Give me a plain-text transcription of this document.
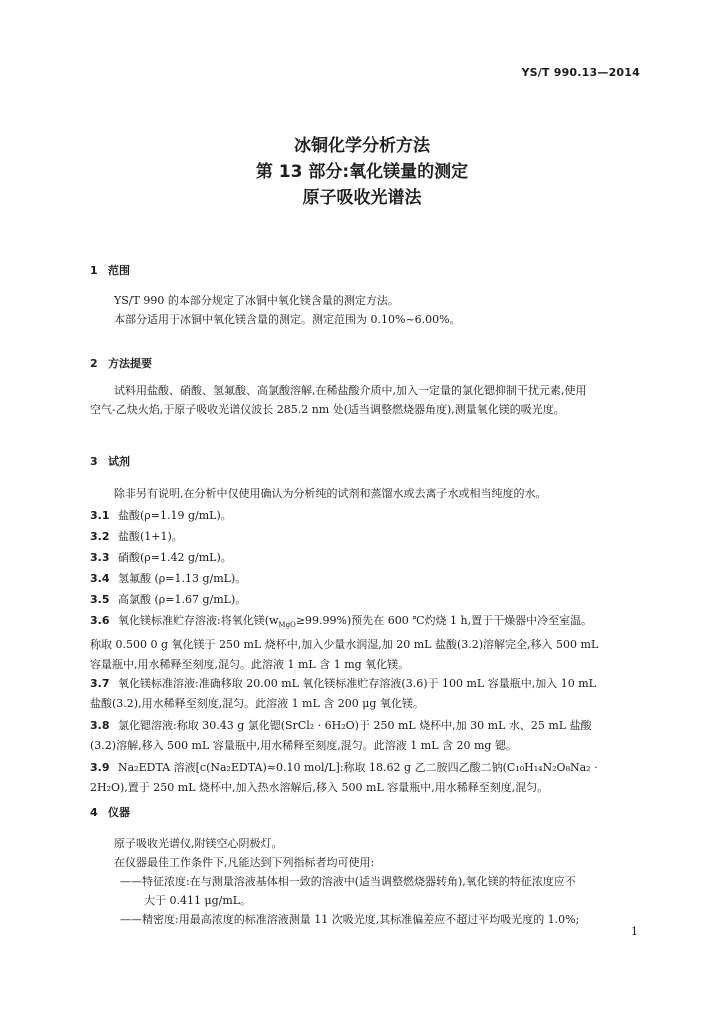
YS/T 990.13—2014
冰铜化学分析方法
第 13 部分:氧化镁量的测定
原子吸收光谱法
1 范围
YS/T 990 的本部分规定了冰铜中氧化镁含量的测定方法。
本部分适用于冰铜中氧化镁含量的测定。测定范围为 0.10%~6.00%。
2 方法提要
试料用盐酸、硝酸、氢氟酸、高氯酸溶解,在稀盐酸介质中,加入一定量的氯化锶抑制干扰元素,使用
空气-乙炔火焰,于原子吸收光谱仪波长 285.2 nm 处(适当调整燃烧器角度),测量氧化镁的吸光度。
3 试剂
除非另有说明,在分析中仅使用确认为分析纯的试剂和蒸馏水或去离子水或相当纯度的水。
3.1 盐酸(ρ=1.19 g/mL)。
3.2 盐酸(1+1)。
3.3 硝酸(ρ=1.42 g/mL)。
3.4 氢氟酸 (ρ=1.13 g/mL)。
3.5 高氯酸 (ρ=1.67 g/mL)。
3.6 氧化镁标准贮存溶液:将氧化镁$(w_{MgO}\ge 99.99\%)$预先在 600 ℃灼烧 1 h,置于干燥器中冷至室温。
称取 0.500 0 g 氧化镁于 250 mL 烧杯中,加入少量水润湿,加 20 mL 盐酸(3.2)溶解完全,移入 500 mL
容量瓶中,用水稀释至刻度,混匀。此溶液 1 mL 含 1 mg 氧化镁。
3.7 氧化镁标准溶液:准确移取 20.00 mL 氧化镁标准贮存溶液(3.6)于 100 mL 容量瓶中,加入 10 mL
盐酸(3.2),用水稀释至刻度,混匀。此溶液 1 mL 含 200 μg 氧化镁。
3.8 氯化锶溶液:称取 30.43 g 氯化锶(SrCl₂ · 6H₂O)于 250 mL 烧杯中,加 30 mL 水、25 mL 盐酸
(3.2)溶解,移入 500 mL 容量瓶中,用水稀释至刻度,混匀。此溶液 1 mL 含 20 mg 锶。
3.9 Na₂EDTA 溶液[c(Na₂EDTA)≈0.10 mol/L]:称取 18.62 g 乙二胺四乙酸二钠(C₁₀H₁₄N₂O₈Na₂ ·
2H₂O),置于 250 mL 烧杯中,加入热水溶解后,移入 500 mL 容量瓶中,用水稀释至刻度,混匀。
4 仪器
原子吸收光谱仪,附镁空心阴极灯。
在仪器最佳工作条件下,凡能达到下列指标者均可使用:
——特征浓度:在与测量溶液基体相一致的溶液中(适当调整燃烧器转角),氧化镁的特征浓度应不
大于 0.411 μg/mL。
——精密度:用最高浓度的标准溶液测量 11 次吸光度,其标准偏差应不超过平均吸光度的 1.0%;
1
